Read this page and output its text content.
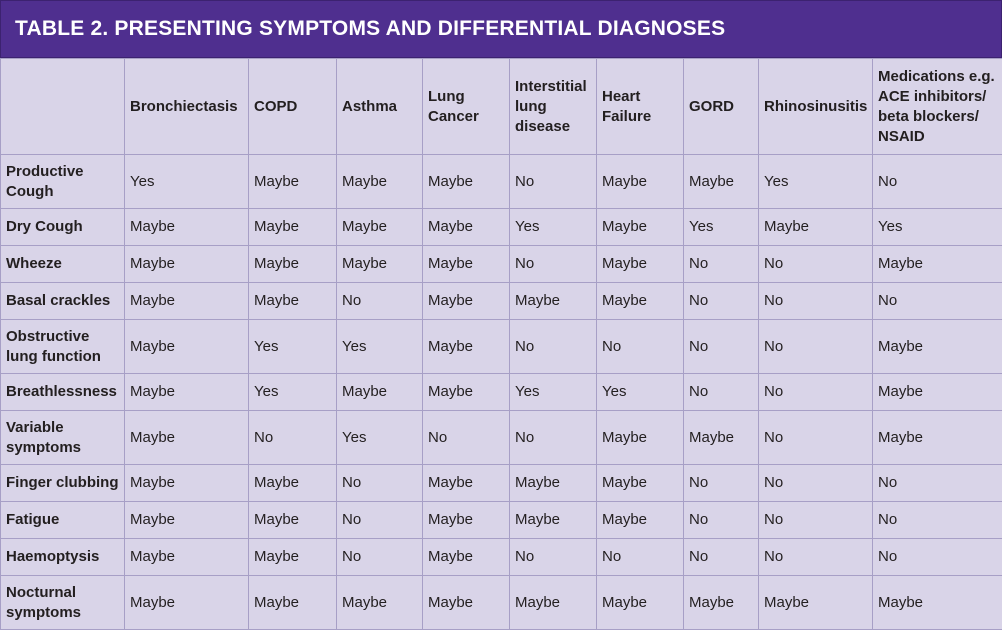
TABLE 2. PRESENTING SYMPTOMS AND DIFFERENTIAL DIAGNOSES
	Bronchiectasis	COPD	Asthma	Lung Cancer	Interstitial lung disease	Heart Failure	GORD	Rhinosinusitis	Medications e.g. ACE inhibitors/ beta blockers/ NSAID
Productive Cough	Yes	Maybe	Maybe	Maybe	No	Maybe	Maybe	Yes	No
Dry Cough	Maybe	Maybe	Maybe	Maybe	Yes	Maybe	Yes	Maybe	Yes
Wheeze	Maybe	Maybe	Maybe	Maybe	No	Maybe	No	No	Maybe
Basal crackles	Maybe	Maybe	No	Maybe	Maybe	Maybe	No	No	No
Obstructive lung function	Maybe	Yes	Yes	Maybe	No	No	No	No	Maybe
Breathlessness	Maybe	Yes	Maybe	Maybe	Yes	Yes	No	No	Maybe
Variable symptoms	Maybe	No	Yes	No	No	Maybe	Maybe	No	Maybe
Finger clubbing	Maybe	Maybe	No	Maybe	Maybe	Maybe	No	No	No
Fatigue	Maybe	Maybe	No	Maybe	Maybe	Maybe	No	No	No
Haemoptysis	Maybe	Maybe	No	Maybe	No	No	No	No	No
Nocturnal symptoms	Maybe	Maybe	Maybe	Maybe	Maybe	Maybe	Maybe	Maybe	Maybe
